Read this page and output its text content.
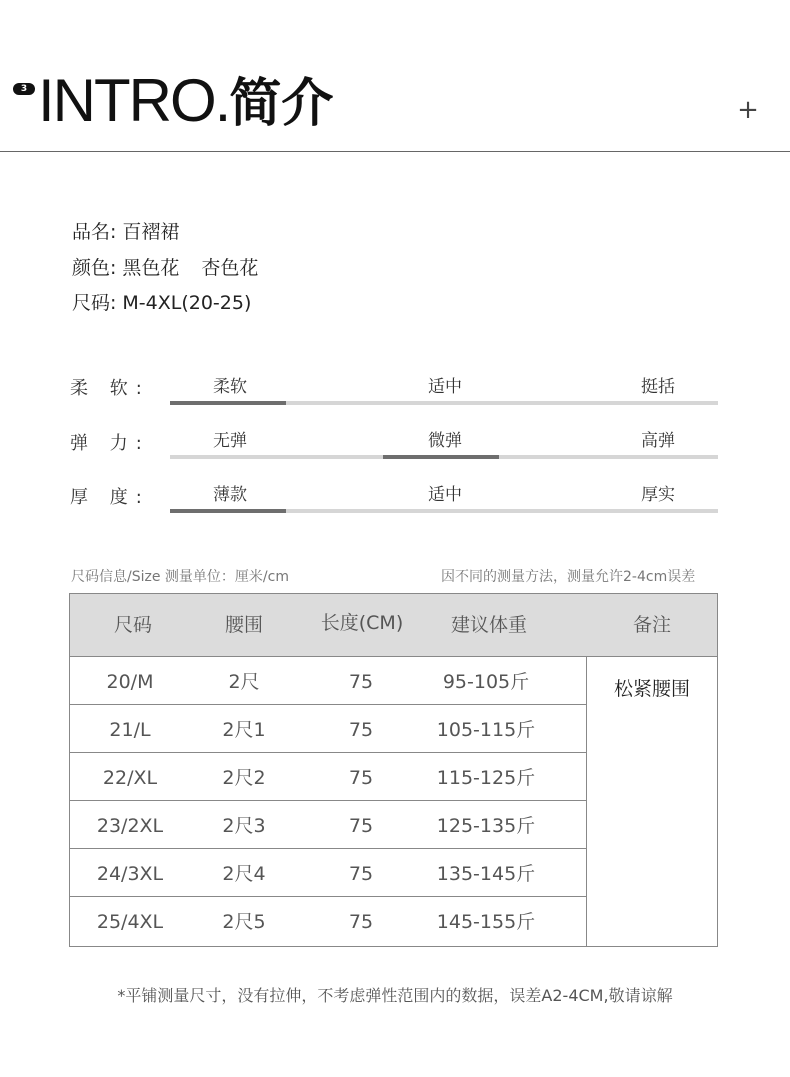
3 INTRO.简介	+
品名: 百褶裙
颜色: 黑色花 杏色花
尺码: M-4XL(20-25)
柔 软:	柔软	适中	挺括
弹 力:	无弹	微弹	高弹
厚 度:	薄款	适中	厚实
尺码信息/Size 测量单位：厘米/cm	因不同的测量方法，测量允许2-4cm误差
尺码	腰围	长度(CM)	建议体重	备注
20/M	2尺	75	95-105斤
21/L	2尺1	75	105-115斤
22/XL	2尺2	75	115-125斤
23/2XL	2尺3	75	125-135斤
24/3XL	2尺4	75	135-145斤
25/4XL	2尺5	75	145-155斤
松紧腰围
*平铺测量尺寸，没有拉伸，不考虑弹性范围内的数据，误差A2-4CM,敬请谅解
